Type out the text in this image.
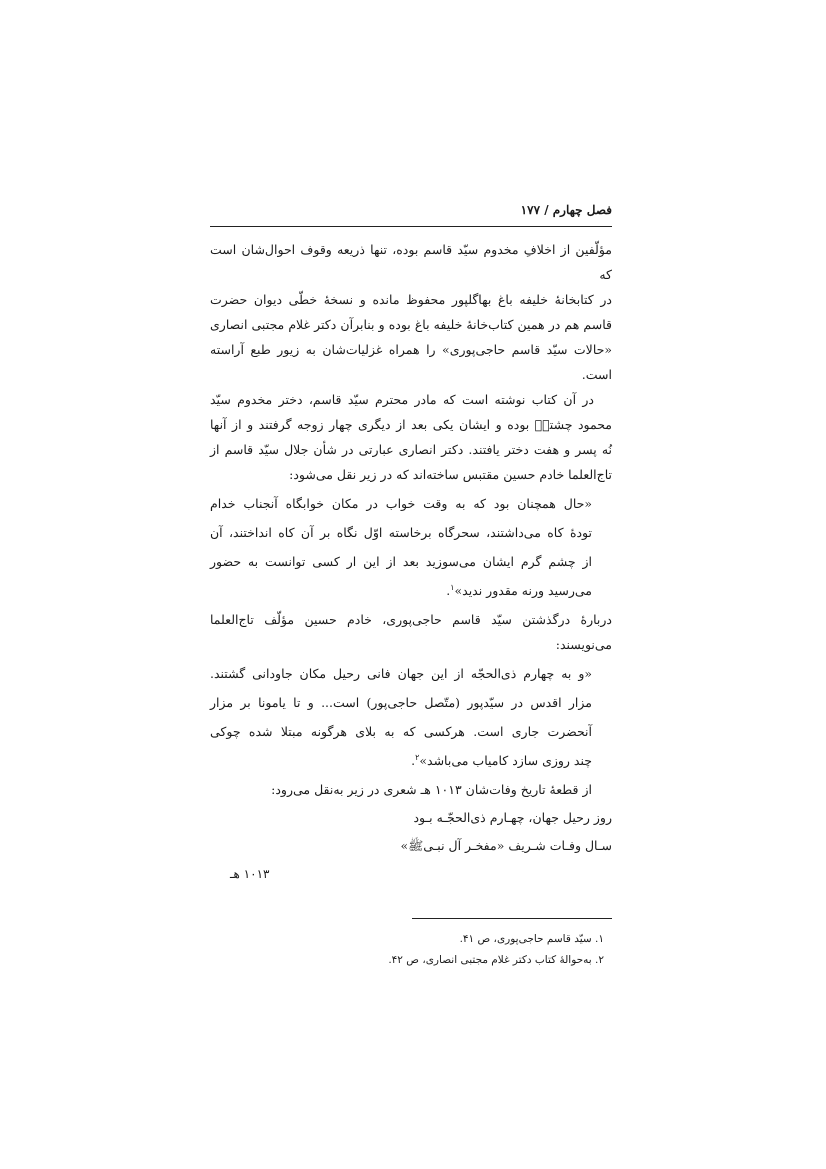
فصل چهارم / ۱۷۷

مؤلّفین از اخلافِ مخدوم سیّد قاسم بوده، تنها ذریعه وقوف احوال‌شان است که
در کتابخانهٔ خلیفه باغ بهاگلپور محفوظ مانده و نسخهٔ خطّی دیوان حضرت
قاسم هم در همین کتاب‌خانهٔ خلیفه باغ بوده و بنابرآن دکتر غلام مجتبی انصاری
«حالات سیّد قاسم حاجی‌پوری» را همراه غزلیات‌شان به زیور طبع آراسته است.

در آن کتاب نوشته است که مادر محترم سیّد قاسم، دختر مخدوم سیّد
محمود چشتیؒ بوده و ایشان یکی بعد از دیگری چهار زوجه گرفتند و از آنها
نُه پسر و هفت دختر یافتند. دکتر انصاری عبارتی در شأن جلال سیّد قاسم از
تاج‌العلما خادم حسین مقتبس ساخته‌اند که در زیر نقل می‌شود:

«حال همچنان بود که به وقت خواب در مکان خوابگاه آنجناب خدام
تودهٔ کاه می‌داشتند، سحرگاه برخاسته اوّل نگاه بر آن کاه انداختند، آن
از چشم گرم ایشان می‌سوزید بعد از این ار کسی توانست به حضور
می‌رسید ورنه مقدور ندید»$^۱$.

دربارهٔ درگذشتن سیّد قاسم حاجی‌پوری، خادم حسین مؤلّف تاج‌العلما
می‌نویسند:

«و به چهارم ذی‌الحجّه از این جهان فانی رحیل مکان جاودانی گشتند.
مزار اقدس در سیّدپور (متّصل حاجی‌پور) است... و تا یامونا بر مزار
آنحضرت جاری است. هرکسی که به بلای هرگونه مبتلا شده چوکی
چند روزی سازد کامیاب می‌باشد»$^۲$.

از قطعهٔ تاریخ وفات‌شان ۱۰۱۳ هـ شعری در زیر به‌نقل می‌رود:

روز رحیل جهان، چهـارم ذی‌الحجّـه بـود
سـال وفـات شـریف «مفخـر آل نبـیﷺ»
۱۰۱۳ هـ
۱. سیّد قاسم حاجی‌پوری، ص ۴۱.
۲. به‌حوالهٔ کتاب دکتر غلام مجتبی انصاری، ص ۴۲.
